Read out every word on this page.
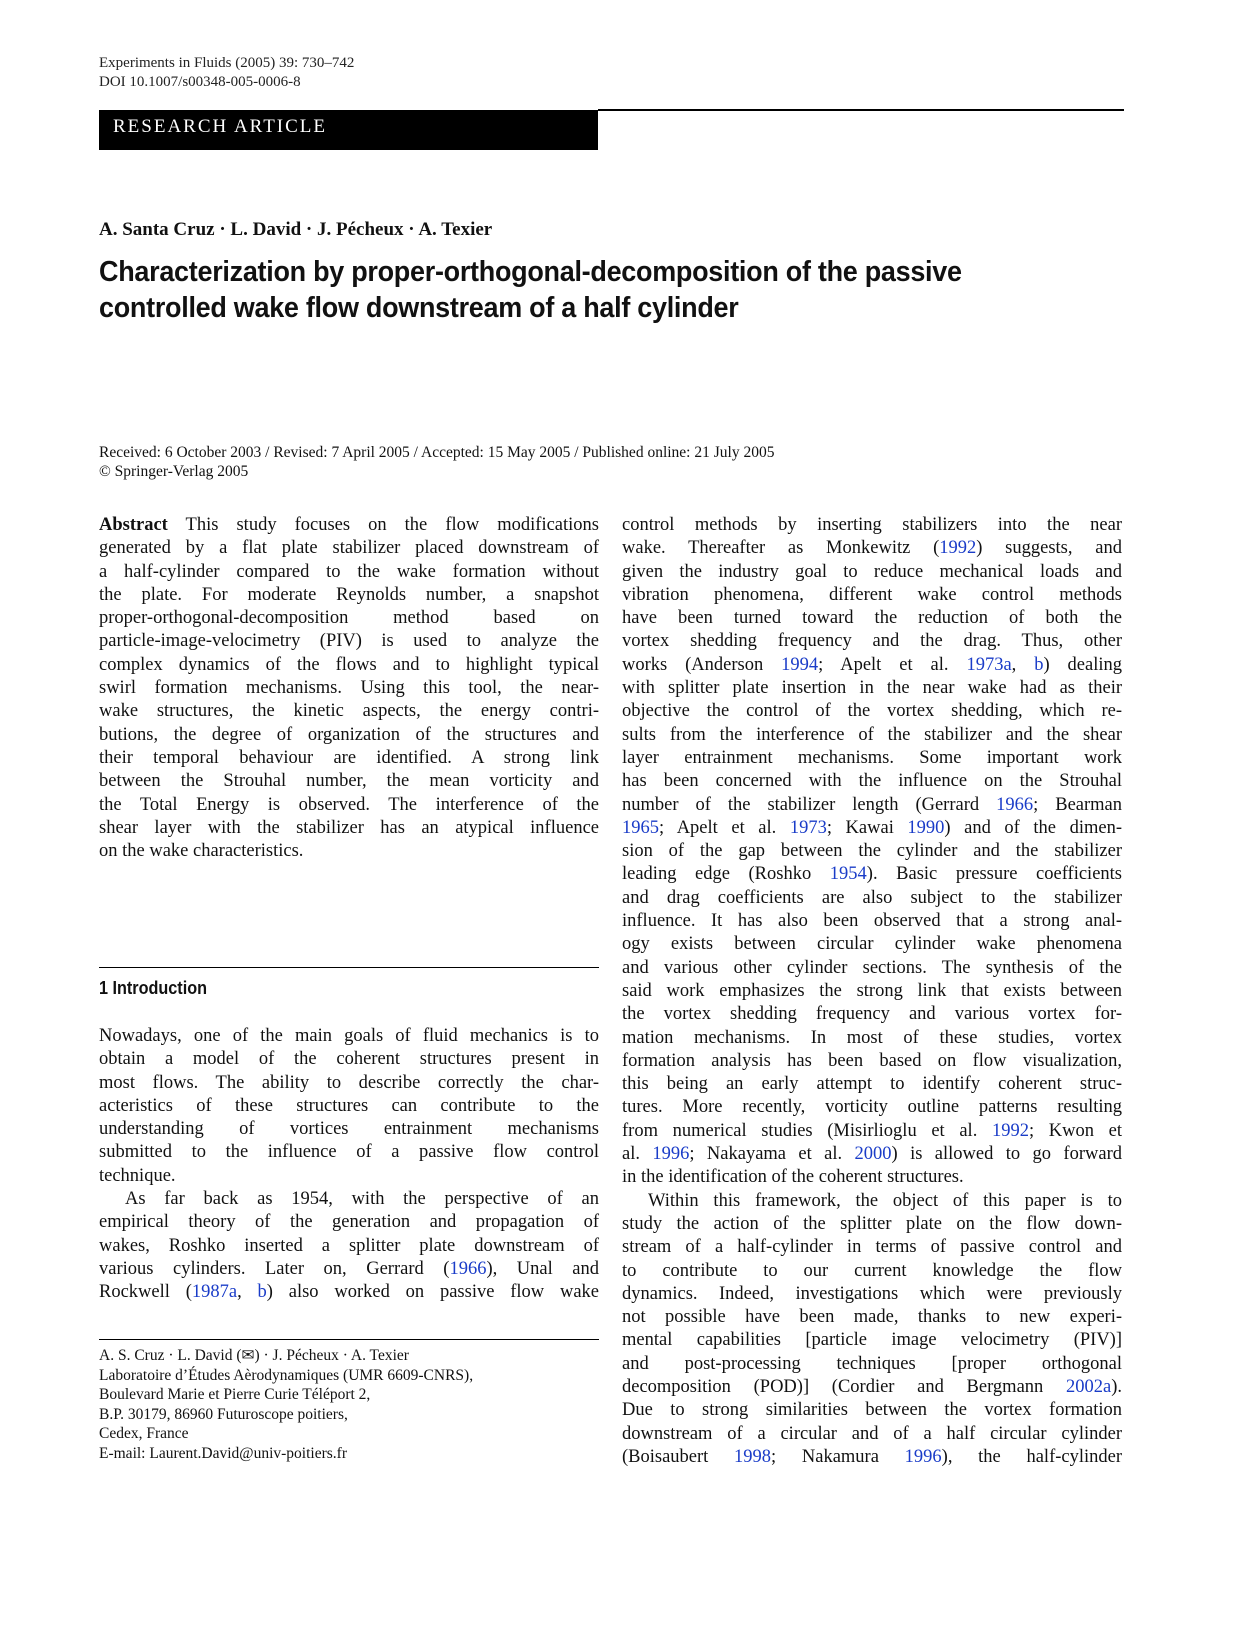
Experiments in Fluids (2005) 39: 730–742
DOI 10.1007/s00348-005-0006-8
RESEARCH ARTICLE
A. Santa Cruz · L. David · J. Pécheux · A. Texier
Characterization by proper-orthogonal-decomposition of the passive
controlled wake flow downstream of a half cylinder
Received: 6 October 2003 / Revised: 7 April 2005 / Accepted: 15 May 2005 / Published online: 21 July 2005
© Springer-Verlag 2005
Abstract This study focuses on the flow modifications
generated by a flat plate stabilizer placed downstream of
a half-cylinder compared to the wake formation without
the plate. For moderate Reynolds number, a snapshot
proper-orthogonal-decomposition method based on
particle-image-velocimetry (PIV) is used to analyze the
complex dynamics of the flows and to highlight typical
swirl formation mechanisms. Using this tool, the near-
wake structures, the kinetic aspects, the energy contri-
butions, the degree of organization of the structures and
their temporal behaviour are identified. A strong link
between the Strouhal number, the mean vorticity and
the Total Energy is observed. The interference of the
shear layer with the stabilizer has an atypical influence
on the wake characteristics.
1 Introduction
Nowadays, one of the main goals of fluid mechanics is to
obtain a model of the coherent structures present in
most flows. The ability to describe correctly the char-
acteristics of these structures can contribute to the
understanding of vortices entrainment mechanisms
submitted to the influence of a passive flow control
technique.
As far back as 1954, with the perspective of an
empirical theory of the generation and propagation of
wakes, Roshko inserted a splitter plate downstream of
various cylinders. Later on, Gerrard (1966), Unal and
Rockwell (1987a, b) also worked on passive flow wake
A. S. Cruz · L. David (✉) · J. Pécheux · A. Texier
Laboratoire d’Études Aèrodynamiques (UMR 6609-CNRS),
Boulevard Marie et Pierre Curie Téléport 2,
B.P. 30179, 86960 Futuroscope poitiers,
Cedex, France
E-mail: Laurent.David@univ-poitiers.fr
control methods by inserting stabilizers into the near
wake. Thereafter as Monkewitz (1992) suggests, and
given the industry goal to reduce mechanical loads and
vibration phenomena, different wake control methods
have been turned toward the reduction of both the
vortex shedding frequency and the drag. Thus, other
works (Anderson 1994; Apelt et al. 1973a, b) dealing
with splitter plate insertion in the near wake had as their
objective the control of the vortex shedding, which re-
sults from the interference of the stabilizer and the shear
layer entrainment mechanisms. Some important work
has been concerned with the influence on the Strouhal
number of the stabilizer length (Gerrard 1966; Bearman
1965; Apelt et al. 1973; Kawai 1990) and of the dimen-
sion of the gap between the cylinder and the stabilizer
leading edge (Roshko 1954). Basic pressure coefficients
and drag coefficients are also subject to the stabilizer
influence. It has also been observed that a strong anal-
ogy exists between circular cylinder wake phenomena
and various other cylinder sections. The synthesis of the
said work emphasizes the strong link that exists between
the vortex shedding frequency and various vortex for-
mation mechanisms. In most of these studies, vortex
formation analysis has been based on flow visualization,
this being an early attempt to identify coherent struc-
tures. More recently, vorticity outline patterns resulting
from numerical studies (Misirlioglu et al. 1992; Kwon et
al. 1996; Nakayama et al. 2000) is allowed to go forward
in the identification of the coherent structures.
Within this framework, the object of this paper is to
study the action of the splitter plate on the flow down-
stream of a half-cylinder in terms of passive control and
to contribute to our current knowledge the flow
dynamics. Indeed, investigations which were previously
not possible have been made, thanks to new experi-
mental capabilities [particle image velocimetry (PIV)]
and post-processing techniques [proper orthogonal
decomposition (POD)] (Cordier and Bergmann 2002a).
Due to strong similarities between the vortex formation
downstream of a circular and of a half circular cylinder
(Boisaubert 1998; Nakamura 1996), the half-cylinder
